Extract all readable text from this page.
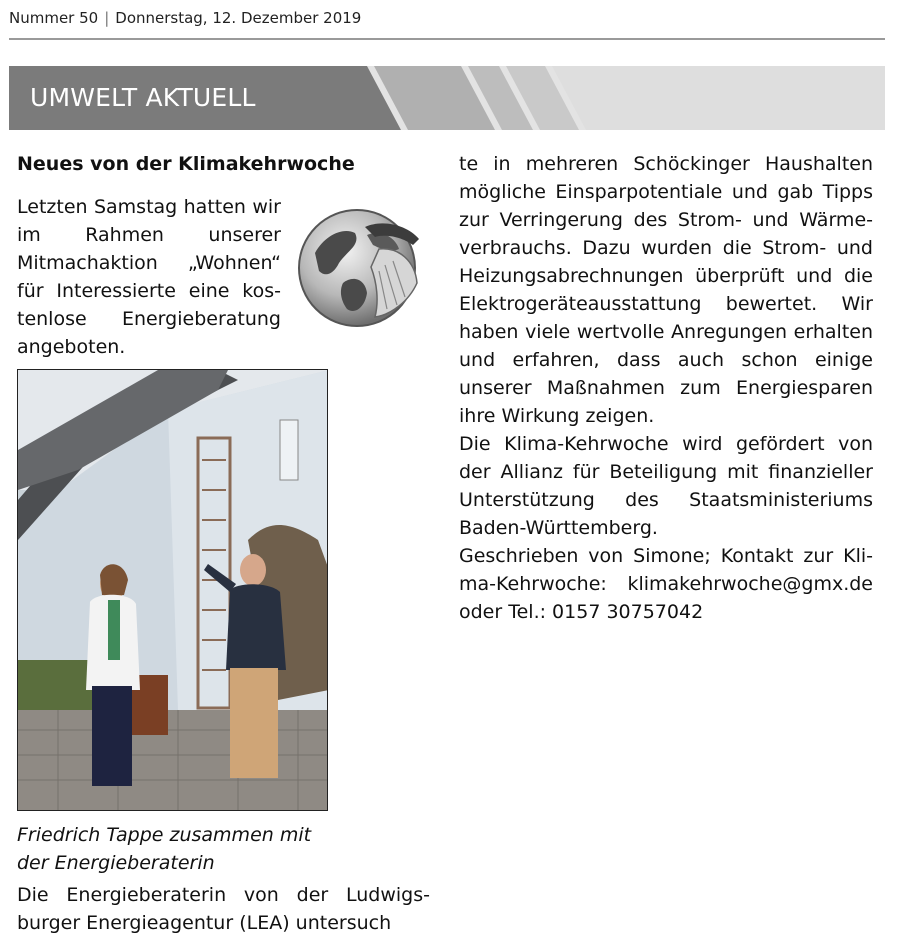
Nummer 50 | Donnerstag, 12. Dezember 2019
UMWELT AKTUELL
Neues von der Klimakehrwoche
Letzten Samstag hatten wir im Rahmen unserer Mitmachaktion „Wohnen“ für Interessierte eine kostenlose Energieberatung angeboten.
Friedrich Tappe zusammen mit der Energieberaterin
Die Energieberaterin von der Ludwigsburger Energieagentur (LEA) untersuch

te in mehreren Schöckinger Haushalten mögliche Einsparpotentiale und gab Tipps zur Verringerung des Strom- und Wärmeverbrauchs. Dazu wurden die Strom- und Heizungsabrechnungen überprüft und die Elektrogeräteausstattung bewertet. Wir haben viele wertvolle Anregungen erhalten und erfahren, dass auch schon einige unserer Maßnahmen zum Energiesparen ihre Wirkung zeigen.

Die Klima-Kehrwoche wird gefördert von der Allianz für Beteiligung mit finanzieller Unterstützung des Staatsministeriums Baden-Württemberg.

Geschrieben von Simone; Kontakt zur Klima-Kehrwoche: klimakehrwoche@gmx.de oder Tel.: 0157 30757042
